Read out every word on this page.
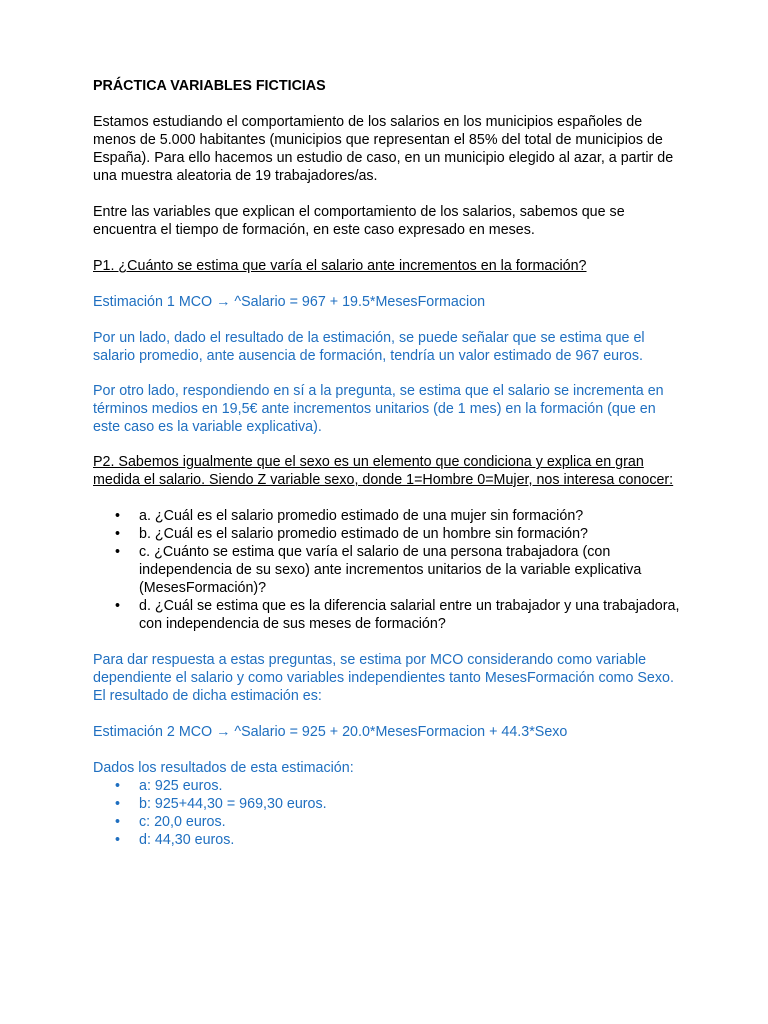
PRÁCTICA VARIABLES FICTICIAS

Estamos estudiando el comportamiento de los salarios en los municipios españoles de menos de 5.000 habitantes (municipios que representan el 85% del total de municipios de España). Para ello hacemos un estudio de caso, en un municipio elegido al azar, a partir de una muestra aleatoria de 19 trabajadores/as.

Entre las variables que explican el comportamiento de los salarios, sabemos que se encuentra el tiempo de formación, en este caso expresado en meses.

P1. ¿Cuánto se estima que varía el salario ante incrementos en la formación?

Estimación 1 MCO → ^Salario = 967 + 19.5*MesesFormacion

Por un lado, dado el resultado de la estimación, se puede señalar que se estima que el salario promedio, ante ausencia de formación, tendría un valor estimado de 967 euros.

Por otro lado, respondiendo en sí a la pregunta, se estima que el salario se incrementa en términos medios en 19,5€ ante incrementos unitarios (de 1 mes) en la formación (que en este caso es la variable explicativa).

P2. Sabemos igualmente que el sexo es un elemento que condiciona y explica en gran medida el salario. Siendo Z variable sexo, donde 1=Hombre 0=Mujer, nos interesa conocer:

• a. ¿Cuál es el salario promedio estimado de una mujer sin formación?
• b. ¿Cuál es el salario promedio estimado de un hombre sin formación?
• c. ¿Cuánto se estima que varía el salario de una persona trabajadora (con independencia de su sexo) ante incrementos unitarios de la variable explicativa (MesesFormación)?
• d. ¿Cuál se estima que es la diferencia salarial entre un trabajador y una trabajadora, con independencia de sus meses de formación?

Para dar respuesta a estas preguntas, se estima por MCO considerando como variable dependiente el salario y como variables independientes tanto MesesFormación como Sexo. El resultado de dicha estimación es:

Estimación 2 MCO → ^Salario = 925 + 20.0*MesesFormacion + 44.3*Sexo

Dados los resultados de esta estimación:

• a: 925 euros.
• b: 925+44,30 = 969,30 euros.
• c: 20,0 euros.
• d: 44,30 euros.
